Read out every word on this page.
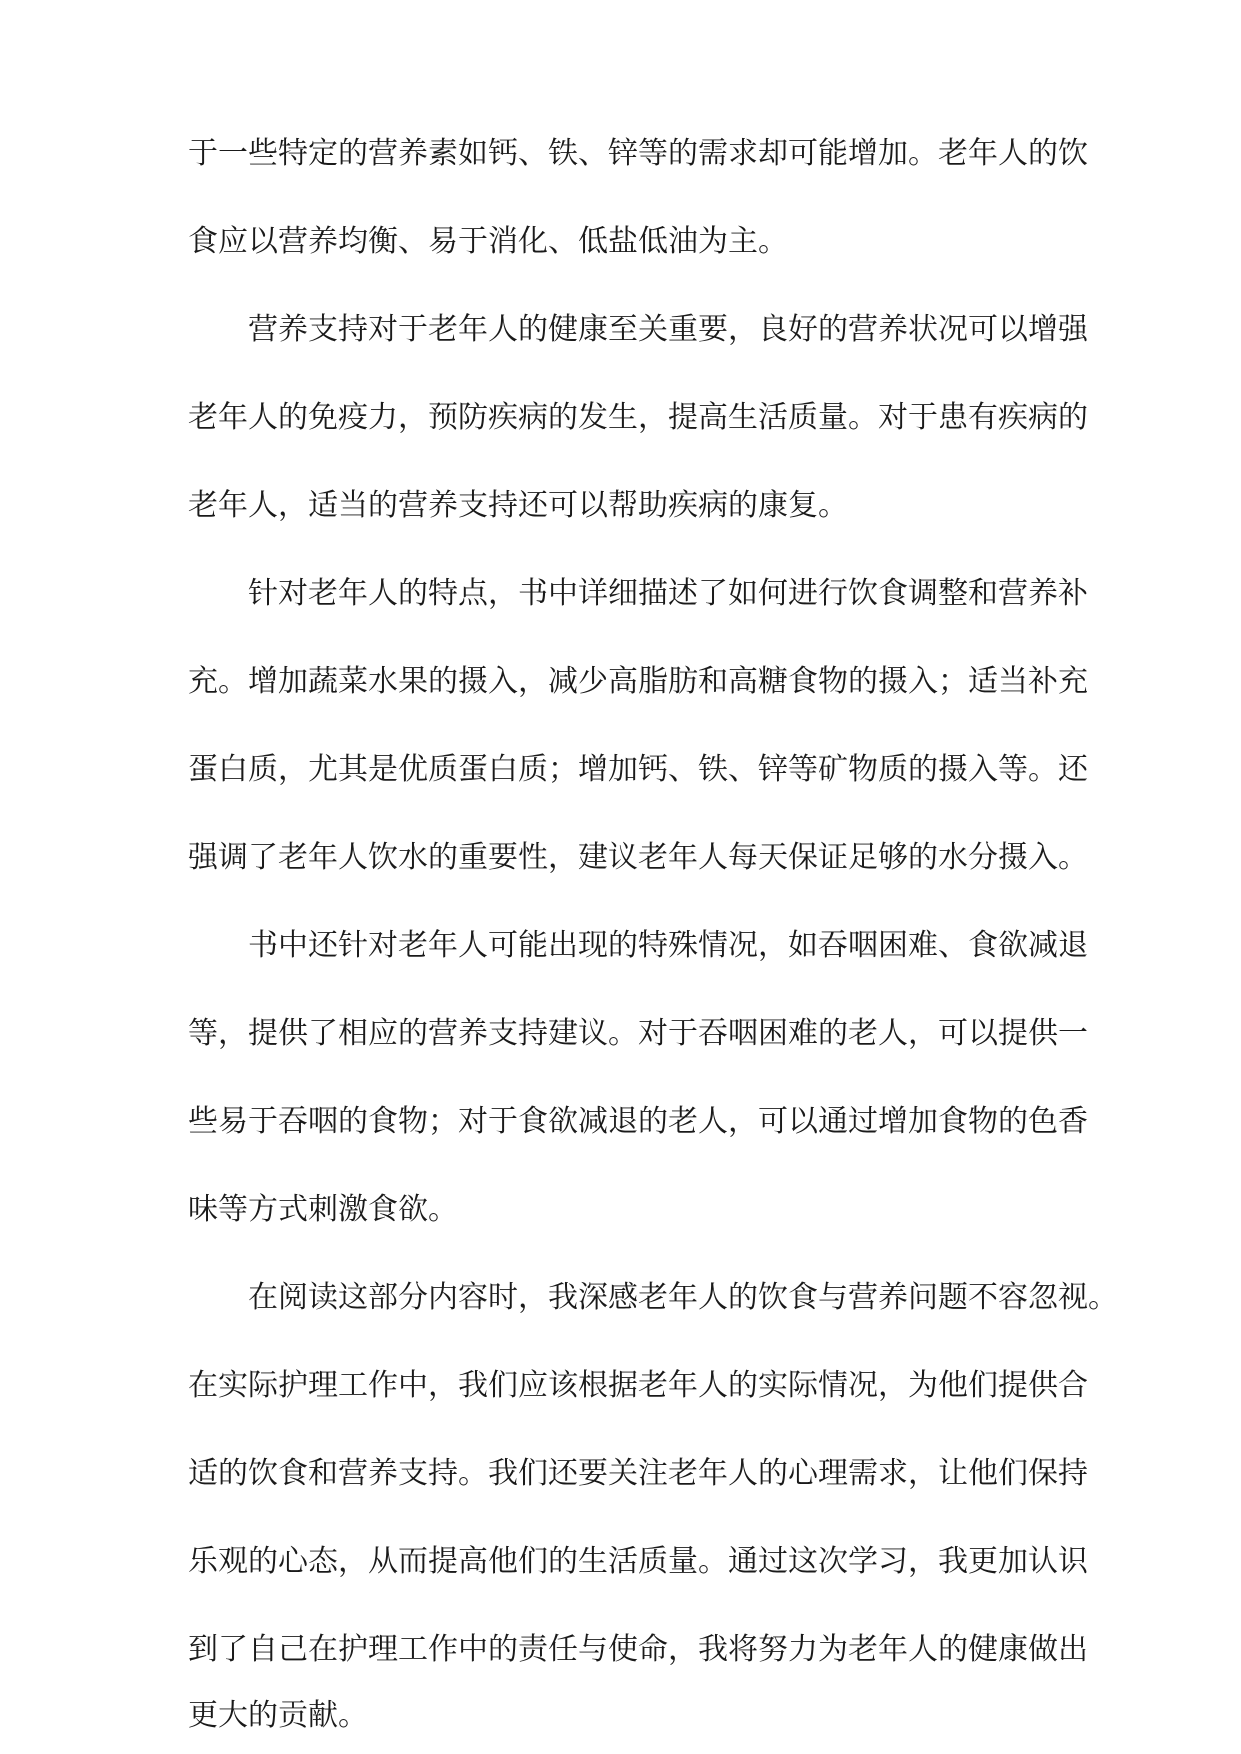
于一些特定的营养素如钙、铁、锌等的需求却可能增加。老年人的饮
食应以营养均衡、易于消化、低盐低油为主。
营养支持对于老年人的健康至关重要，良好的营养状况可以增强
老年人的免疫力，预防疾病的发生，提高生活质量。对于患有疾病的
老年人，适当的营养支持还可以帮助疾病的康复。
针对老年人的特点，书中详细描述了如何进行饮食调整和营养补
充。增加蔬菜水果的摄入，减少高脂肪和高糖食物的摄入；适当补充
蛋白质，尤其是优质蛋白质；增加钙、铁、锌等矿物质的摄入等。还
强调了老年人饮水的重要性，建议老年人每天保证足够的水分摄入。
书中还针对老年人可能出现的特殊情况，如吞咽困难、食欲减退
等，提供了相应的营养支持建议。对于吞咽困难的老人，可以提供一
些易于吞咽的食物；对于食欲减退的老人，可以通过增加食物的色香
味等方式刺激食欲。
在阅读这部分内容时，我深感老年人的饮食与营养问题不容忽视。
在实际护理工作中，我们应该根据老年人的实际情况，为他们提供合
适的饮食和营养支持。我们还要关注老年人的心理需求，让他们保持
乐观的心态，从而提高他们的生活质量。通过这次学习，我更加认识
到了自己在护理工作中的责任与使命，我将努力为老年人的健康做出
更大的贡献。
